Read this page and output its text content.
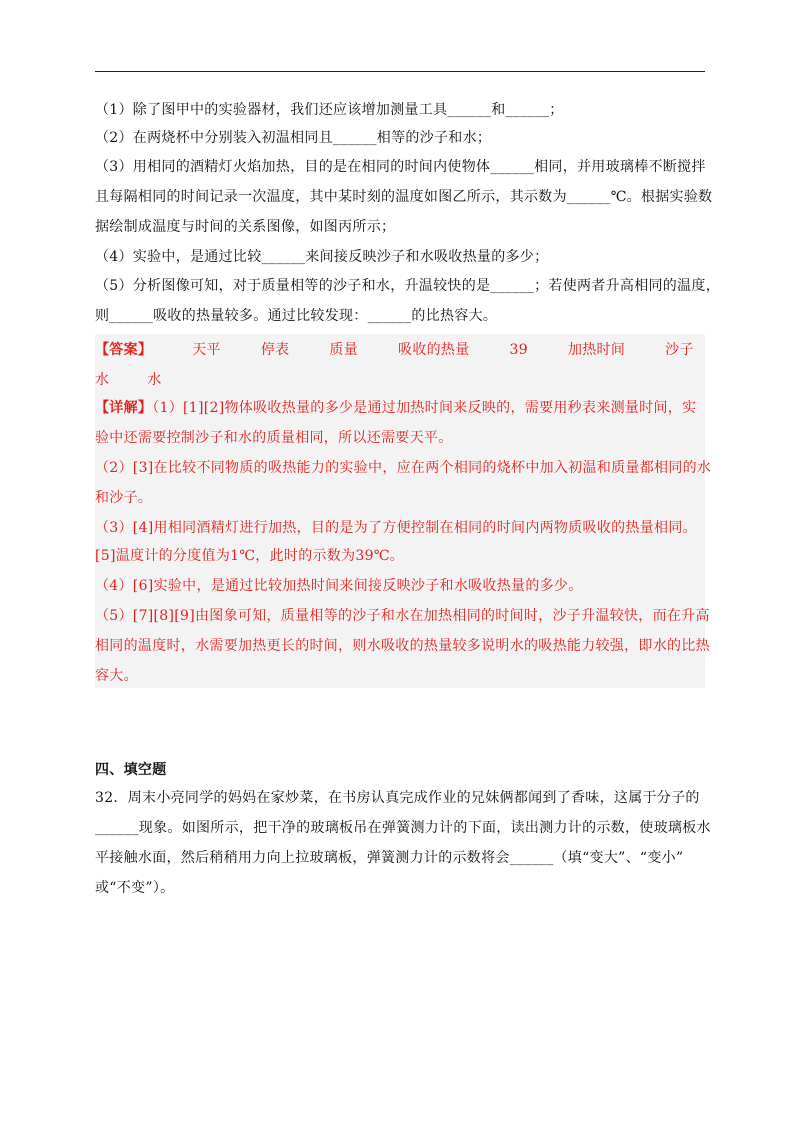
（1）除了图甲中的实验器材，我们还应该增加测量工具______和______；
（2）在两烧杯中分别装入初温相同且______相等的沙子和水；
（3）用相同的酒精灯火焰加热，目的是在相同的时间内使物体______相同，并用玻璃棒不断搅拌
且每隔相同的时间记录一次温度，其中某时刻的温度如图乙所示，其示数为______℃。根据实验数
据绘制成温度与时间的关系图像，如图丙所示；
（4）实验中，是通过比较______来间接反映沙子和水吸收热量的多少；
（5）分析图像可知，对于质量相等的沙子和水，升温较快的是______；若使两者升高相同的温度，
则______吸收的热量较多。通过比较发现：______的比热容大。
【答案】	天平	停表	质量	吸收的热量	39	加热时间	沙子
水	水
【详解】（1）[1][2]物体吸收热量的多少是通过加热时间来反映的，需要用秒表来测量时间，实
验中还需要控制沙子和水的质量相同，所以还需要天平。
（2）[3]在比较不同物质的吸热能力的实验中，应在两个相同的烧杯中加入初温和质量都相同的水
和沙子。
（3）[4]用相同酒精灯进行加热，目的是为了方便控制在相同的时间内两物质吸收的热量相同。
[5]温度计的分度值为1℃，此时的示数为39℃。
（4）[6]实验中，是通过比较加热时间来间接反映沙子和水吸收热量的多少。
（5）[7][8][9]由图象可知，质量相等的沙子和水在加热相同的时间时，沙子升温较快，而在升高
相同的温度时，水需要加热更长的时间，则水吸收的热量较多说明水的吸热能力较强，即水的比热
容大。
四、填空题
32．周末小亮同学的妈妈在家炒菜，在书房认真完成作业的兄妹俩都闻到了香味，这属于分子的
______现象。如图所示，把干净的玻璃板吊在弹簧测力计的下面，读出测力计的示数，使玻璃板水
平接触水面，然后稍稍用力向上拉玻璃板，弹簧测力计的示数将会______（填“变大”、“变小”
或“不变”）。
